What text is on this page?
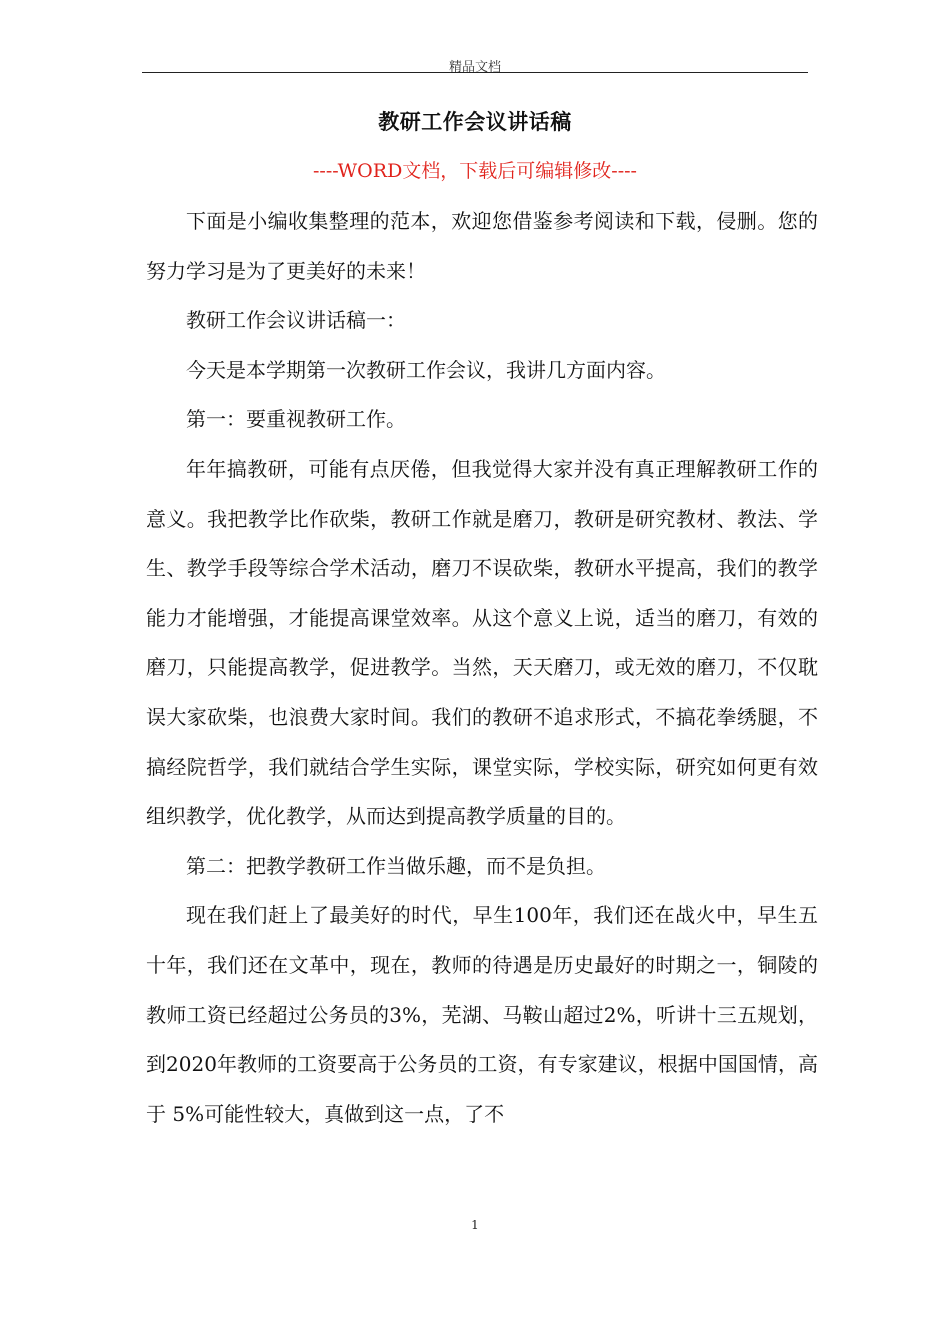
精品文档
教研工作会议讲话稿
----WORD文档，下载后可编辑修改----

下面是小编收集整理的范本，欢迎您借鉴参考阅读和下载，侵删。您的努力学习是为了更美好的未来！

教研工作会议讲话稿一：

今天是本学期第一次教研工作会议，我讲几方面内容。

第一：要重视教研工作。

年年搞教研，可能有点厌倦，但我觉得大家并没有真正理解教研工作的意义。我把教学比作砍柴，教研工作就是磨刀，教研是研究教材、教法、学生、教学手段等综合学术活动，磨刀不误砍柴，教研水平提高，我们的教学能力才能增强，才能提高课堂效率。从这个意义上说，适当的磨刀，有效的磨刀，只能提高教学，促进教学。当然，天天磨刀，或无效的磨刀，不仅耽误大家砍柴，也浪费大家时间。我们的教研不追求形式，不搞花拳绣腿，不搞经院哲学，我们就结合学生实际，课堂实际，学校实际，研究如何更有效组织教学，优化教学，从而达到提高教学质量的目的。

第二：把教学教研工作当做乐趣，而不是负担。

现在我们赶上了最美好的时代，早生100年，我们还在战火中，早生五十年，我们还在文革中，现在，教师的待遇是历史最好的时期之一，铜陵的教师工资已经超过公务员的3%，芜湖、马鞍山超过2%，听讲十三五规划，到2020年教师的工资要高于公务员的工资，有专家建议，根据中国国情，高于 5%可能性较大，真做到这一点，了不

1
